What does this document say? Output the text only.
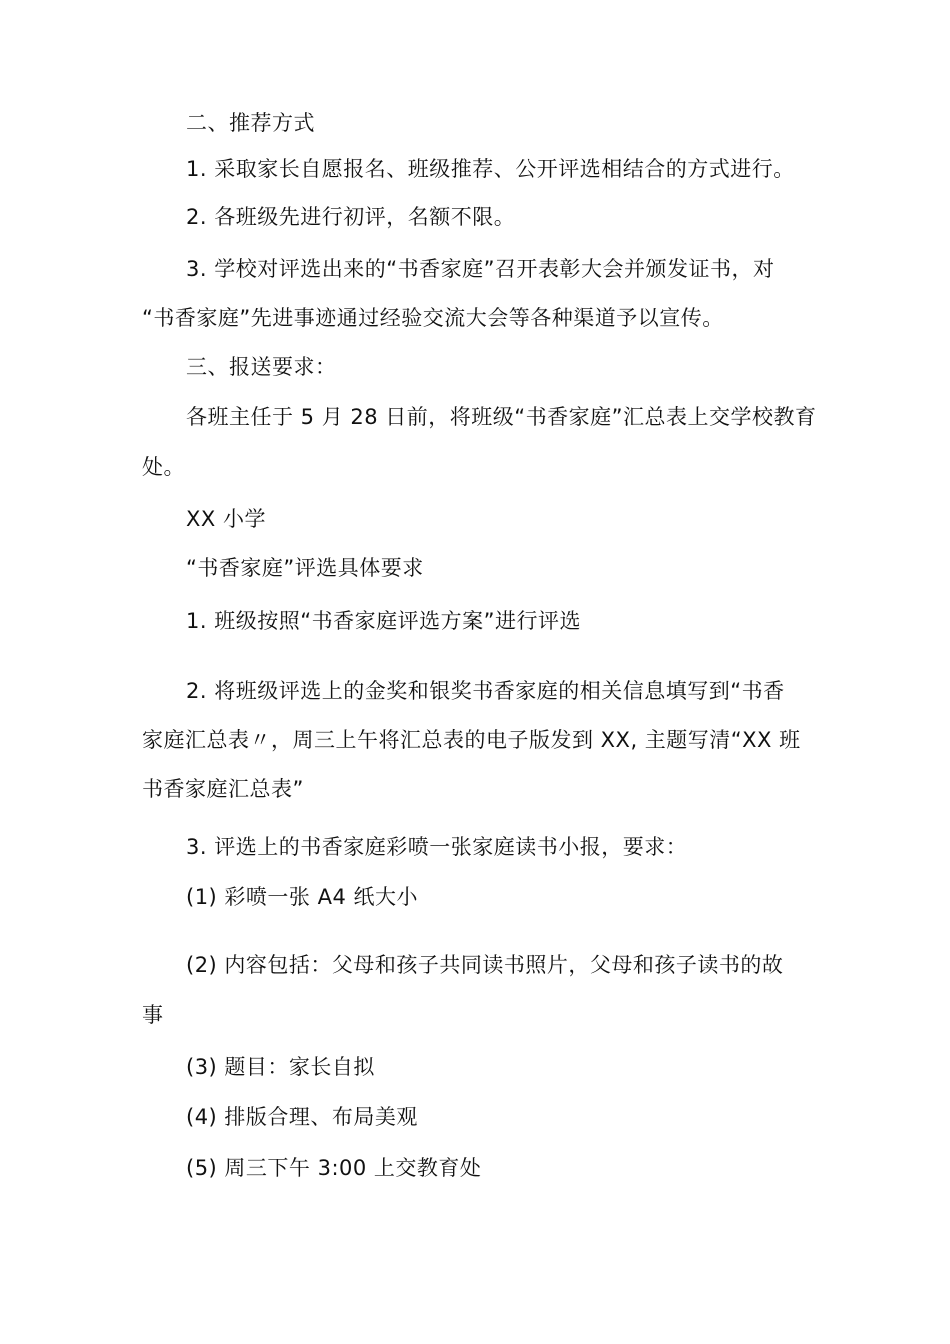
二、推荐方式
1. 采取家长自愿报名、班级推荐、公开评选相结合的方式进行。
2. 各班级先进行初评，名额不限。
3. 学校对评选出来的“书香家庭”召开表彰大会并颁发证书，对
“书香家庭”先进事迹通过经验交流大会等各种渠道予以宣传。
三、报送要求：
各班主任于 5 月 28 日前，将班级“书香家庭”汇总表上交学校教育
处。
XX 小学
“书香家庭”评选具体要求
1. 班级按照“书香家庭评选方案”进行评选
2. 将班级评选上的金奖和银奖书香家庭的相关信息填写到“书香
家庭汇总表〃，周三上午将汇总表的电子版发到 XX, 主题写清“XX 班
书香家庭汇总表”
3. 评选上的书香家庭彩喷一张家庭读书小报，要求：
(1) 彩喷一张 A4 纸大小
(2) 内容包括：父母和孩子共同读书照片，父母和孩子读书的故
事
(3) 题目：家长自拟
(4) 排版合理、布局美观
(5) 周三下午 3:00 上交教育处
